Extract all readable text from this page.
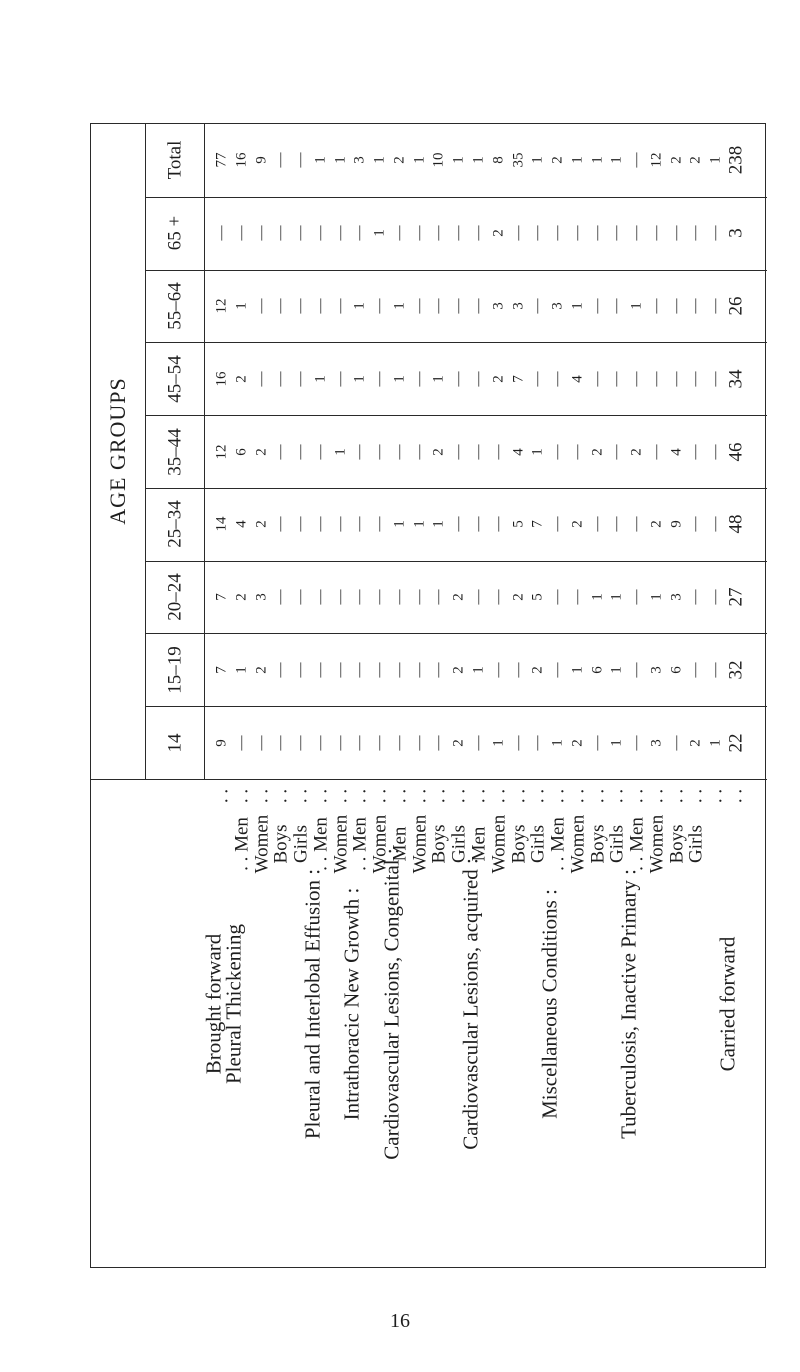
AGE GROUPS
14
15–19
20–24
25–34
35–44
45–54
55–64
65 +
Total
9
7
7
14
12
16
12
—
77
Brought forward
. .
—
1
2
4
6
2
1
—
16
Pleural Thickening
. . Men
. .
—
2
3
2
2
—
—
—
9
Women
. .
—
—
—
—
—
—
—
—
—
Boys
. .
—
—
—
—
—
—
—
—
—
Girls
. .
—
—
—
—
—
1
—
—
1
Pleural and Interlobal Effusion :
. . Men
. .
—
—
—
—
1
—
—
—
1
Women
. .
—
—
—
—
—
1
1
—
3
Intrathoracic New Growth :
. . Men
. .
—
—
—
—
—
—
—
1
1
Women
. .
—
—
—
1
—
1
1
—
2
Cardiovascular Lesions, Congenital :
Men
. .
—
—
—
1
—
—
—
—
1
Women
. .
—
—
—
1
2
1
—
—
10
Boys
. .
2
2
2
—
—
—
—
—
1
Girls
. .
—
1
—
—
—
—
—
—
1
Cardiovascular Lesions, acquired :
Men
. .
1
—
—
—
—
2
3
2
8
Women
. .
—
—
2
5
4
7
3
—
35
Boys
. .
—
2
5
7
1
—
—
—
1
Girls
. .
1
—
—
—
—
—
3
—
2
Miscellaneous Conditions :
. . Men
. .
2
1
—
2
—
4
1
—
1
Women
. .
—
6
1
—
2
—
—
—
1
Boys
. .
1
1
1
—
—
—
—
—
1
Girls
. .
—
—
—
—
2
—
1
—
—
Tuberculosis, Inactive Primary :
. . Men
. .
3
3
1
2
—
—
—
—
12
Women
. .
—
6
3
9
4
—
—
—
2
Boys
. .
2
—
—
—
—
—
—
—
2
Girls
. .
1
—
—
—
—
—
—
—
1
. .
22
32
27
48
46
34
26
3
238
Carried forward
. .
16
